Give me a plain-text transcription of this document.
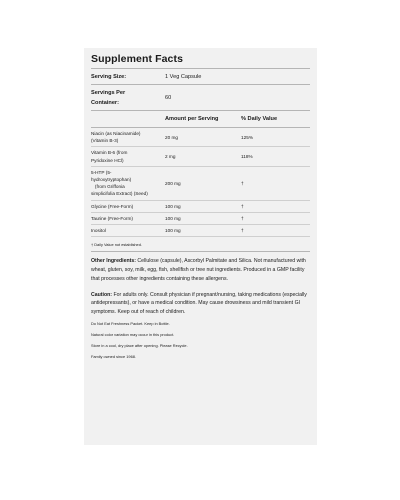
Supplement Facts
Serving Size:	1 Veg Capsule
Servings Per
Container:
60
Amount per Serving	% Daily Value
Niacin (as Niacinamide)
(Vitamin B-3)
20 mg	125%
Vitamin B-6 (from
Pyridoxine HCl)
2 mg	118%
5-HTP (5-
hydroxytryptophan)
(from Griffonia
simplicifolia Extract) (Seed)
200 mg	†
Glycine (Free-Form)	100 mg	†
Taurine (Free-Form)	100 mg	†
Inositol	100 mg	†
† Daily Value not established.
Other Ingredients: Cellulose (capsule), Ascorbyl Palmitate and Silica. Not manufactured with wheat, gluten, soy, milk, egg, fish, shellfish or tree nut ingredients. Produced in a GMP facility that processes other ingredients containing these allergens.
Caution: For adults only. Consult physician if pregnant/nursing, taking medications (especially antidepressants), or have a medical condition. May cause drowsiness and mild transient GI symptoms. Keep out of reach of children.
Do Not Eat Freshness Packet. Keep in Bottle.
Natural color variation may occur in this product.
Store in a cool, dry place after opening. Please Recycle.
Family owned since 1968.
